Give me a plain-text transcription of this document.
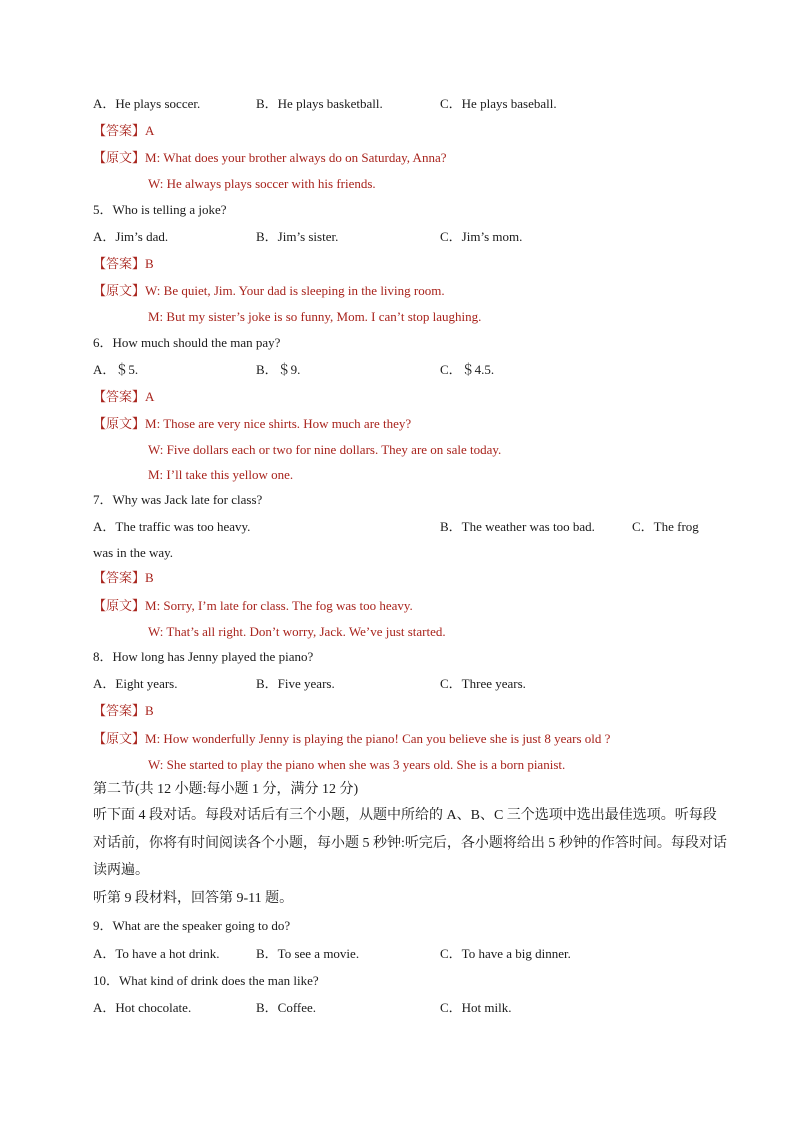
A．He plays soccer.	B．He plays basketball.	C．He plays baseball.
【答案】A
【原文】M: What does your brother always do on Saturday, Anna?
W: He always plays soccer with his friends.
5．Who is telling a joke?
A．Jim’s dad.	B．Jim’s sister.	C．Jim’s mom.
【答案】B
【原文】W: Be quiet, Jim. Your dad is sleeping in the living room.
M: But my sister’s joke is so funny, Mom. I can’t stop laughing.
6．How much should the man pay?
A．＄5.	B．＄9.	C．＄4.5.
【答案】A
【原文】M: Those are very nice shirts. How much are they?
W: Five dollars each or two for nine dollars. They are on sale today.
M: I’ll take this yellow one.
7．Why was Jack late for class?
A．The traffic was too heavy.	B．The weather was too bad.	C．The frog
was in the way.
【答案】B
【原文】M: Sorry, I’m late for class. The fog was too heavy.
W: That’s all right. Don’t worry, Jack. We’ve just started.
8．How long has Jenny played the piano?
A．Eight years.	B．Five years.	C．Three years.
【答案】B
【原文】M: How wonderfully Jenny is playing the piano! Can you believe she is just 8 years old ?
W: She started to play the piano when she was 3 years old. She is a born pianist.
第二节(共 12 小题:每小题 1 分，满分 12 分)
听下面 4 段对话。每段对话后有三个小题，从题中所给的 A、B、C 三个选项中选出最佳选项。听每段
对话前，你将有时间阅读各个小题，每小题 5 秒钟:听完后，各小题将给出 5 秒钟的作答时间。每段对话
读两遍。
听第 9 段材料，回答第 9-11 题。
9．What are the speaker going to do?
A．To have a hot drink.	B．To see a movie.	C．To have a big dinner.
10．What kind of drink does the man like?
A．Hot chocolate.	B．Coffee.	C．Hot milk.
